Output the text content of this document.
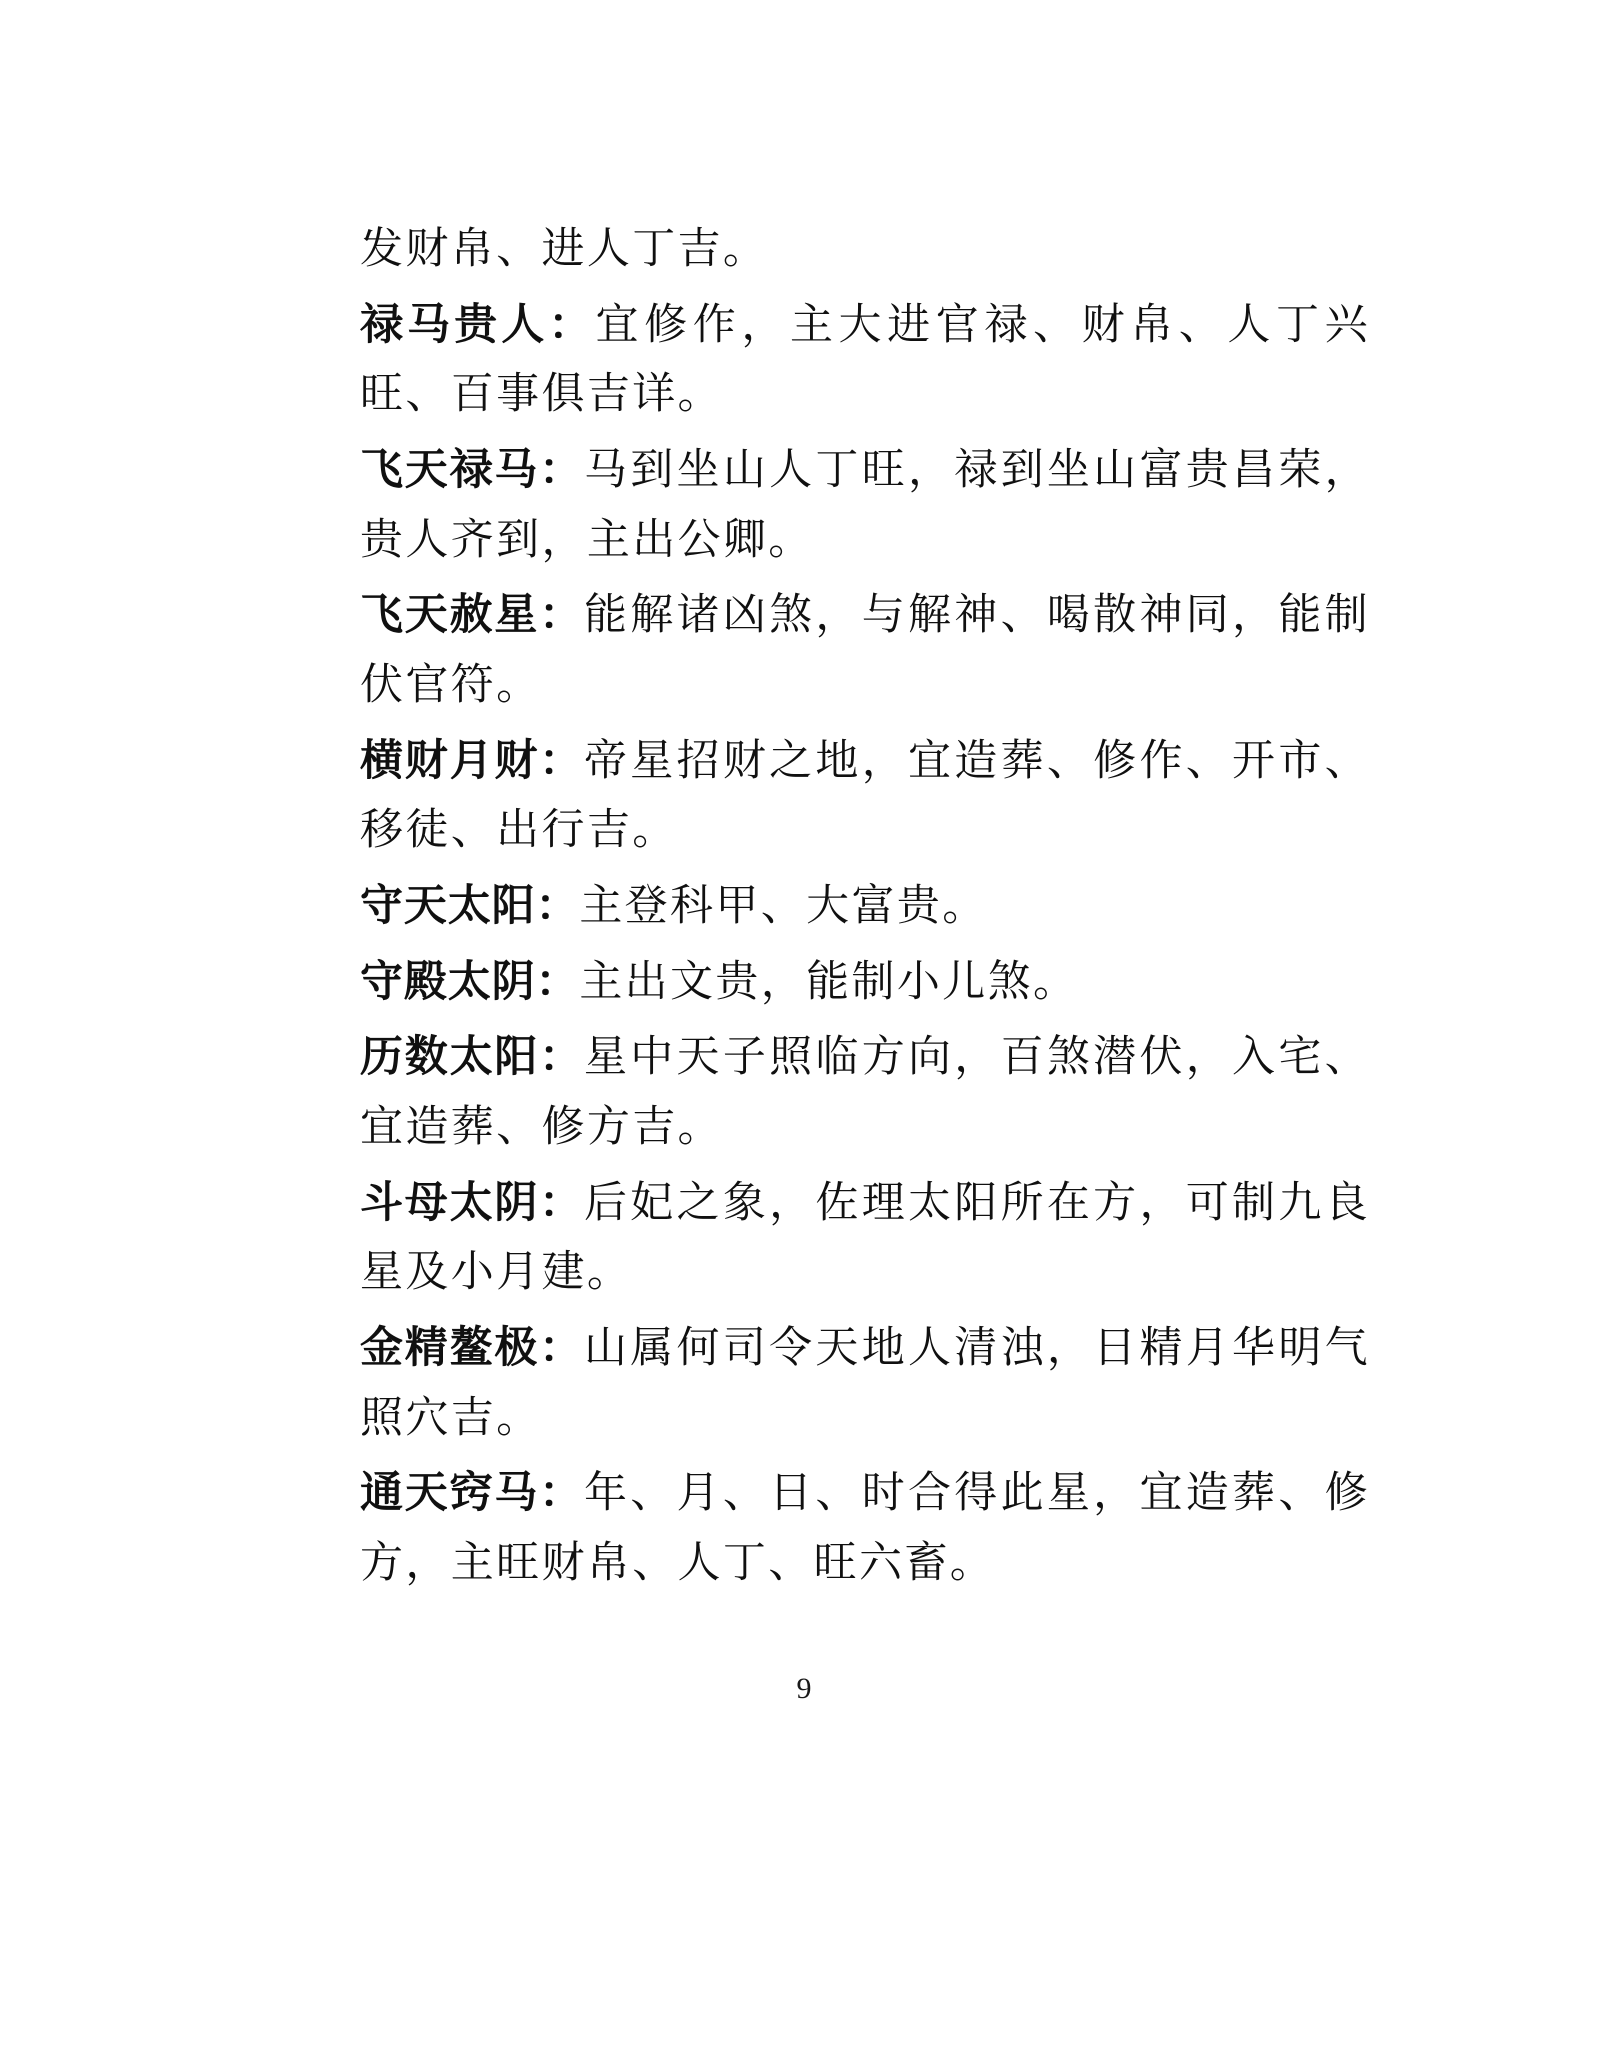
发财帛、进人丁吉。

禄马贵人：宜修作，主大进官禄、财帛、人丁兴旺、百事俱吉详。

飞天禄马：马到坐山人丁旺，禄到坐山富贵昌荣，贵人齐到，主出公卿。

飞天赦星：能解诸凶煞，与解神、喝散神同，能制伏官符。

横财月财：帝星招财之地，宜造葬、修作、开市、移徒、出行吉。

守天太阳：主登科甲、大富贵。

守殿太阴：主出文贵，能制小儿煞。

历数太阳：星中天子照临方向，百煞潜伏，入宅、宜造葬、修方吉。

斗母太阴：后妃之象，佐理太阳所在方，可制九良星及小月建。

金精鳌极：山属何司令天地人清浊，日精月华明气照穴吉。

通天窍马：年、月、日、时合得此星，宜造葬、修方，主旺财帛、人丁、旺六畜。

9
